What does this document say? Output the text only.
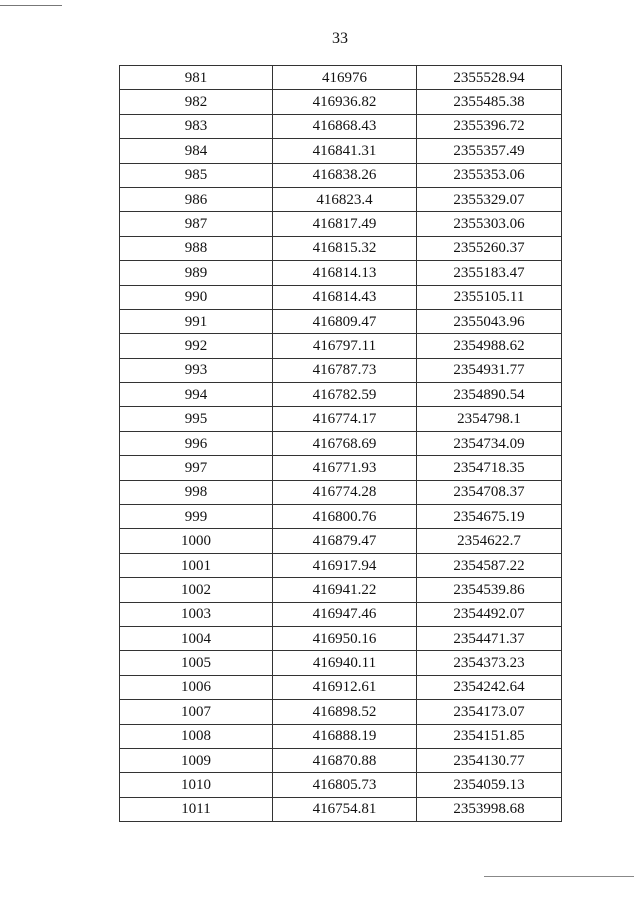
33
981	416976	2355528.94
982	416936.82	2355485.38
983	416868.43	2355396.72
984	416841.31	2355357.49
985	416838.26	2355353.06
986	416823.4	2355329.07
987	416817.49	2355303.06
988	416815.32	2355260.37
989	416814.13	2355183.47
990	416814.43	2355105.11
991	416809.47	2355043.96
992	416797.11	2354988.62
993	416787.73	2354931.77
994	416782.59	2354890.54
995	416774.17	2354798.1
996	416768.69	2354734.09
997	416771.93	2354718.35
998	416774.28	2354708.37
999	416800.76	2354675.19
1000	416879.47	2354622.7
1001	416917.94	2354587.22
1002	416941.22	2354539.86
1003	416947.46	2354492.07
1004	416950.16	2354471.37
1005	416940.11	2354373.23
1006	416912.61	2354242.64
1007	416898.52	2354173.07
1008	416888.19	2354151.85
1009	416870.88	2354130.77
1010	416805.73	2354059.13
1011	416754.81	2353998.68
